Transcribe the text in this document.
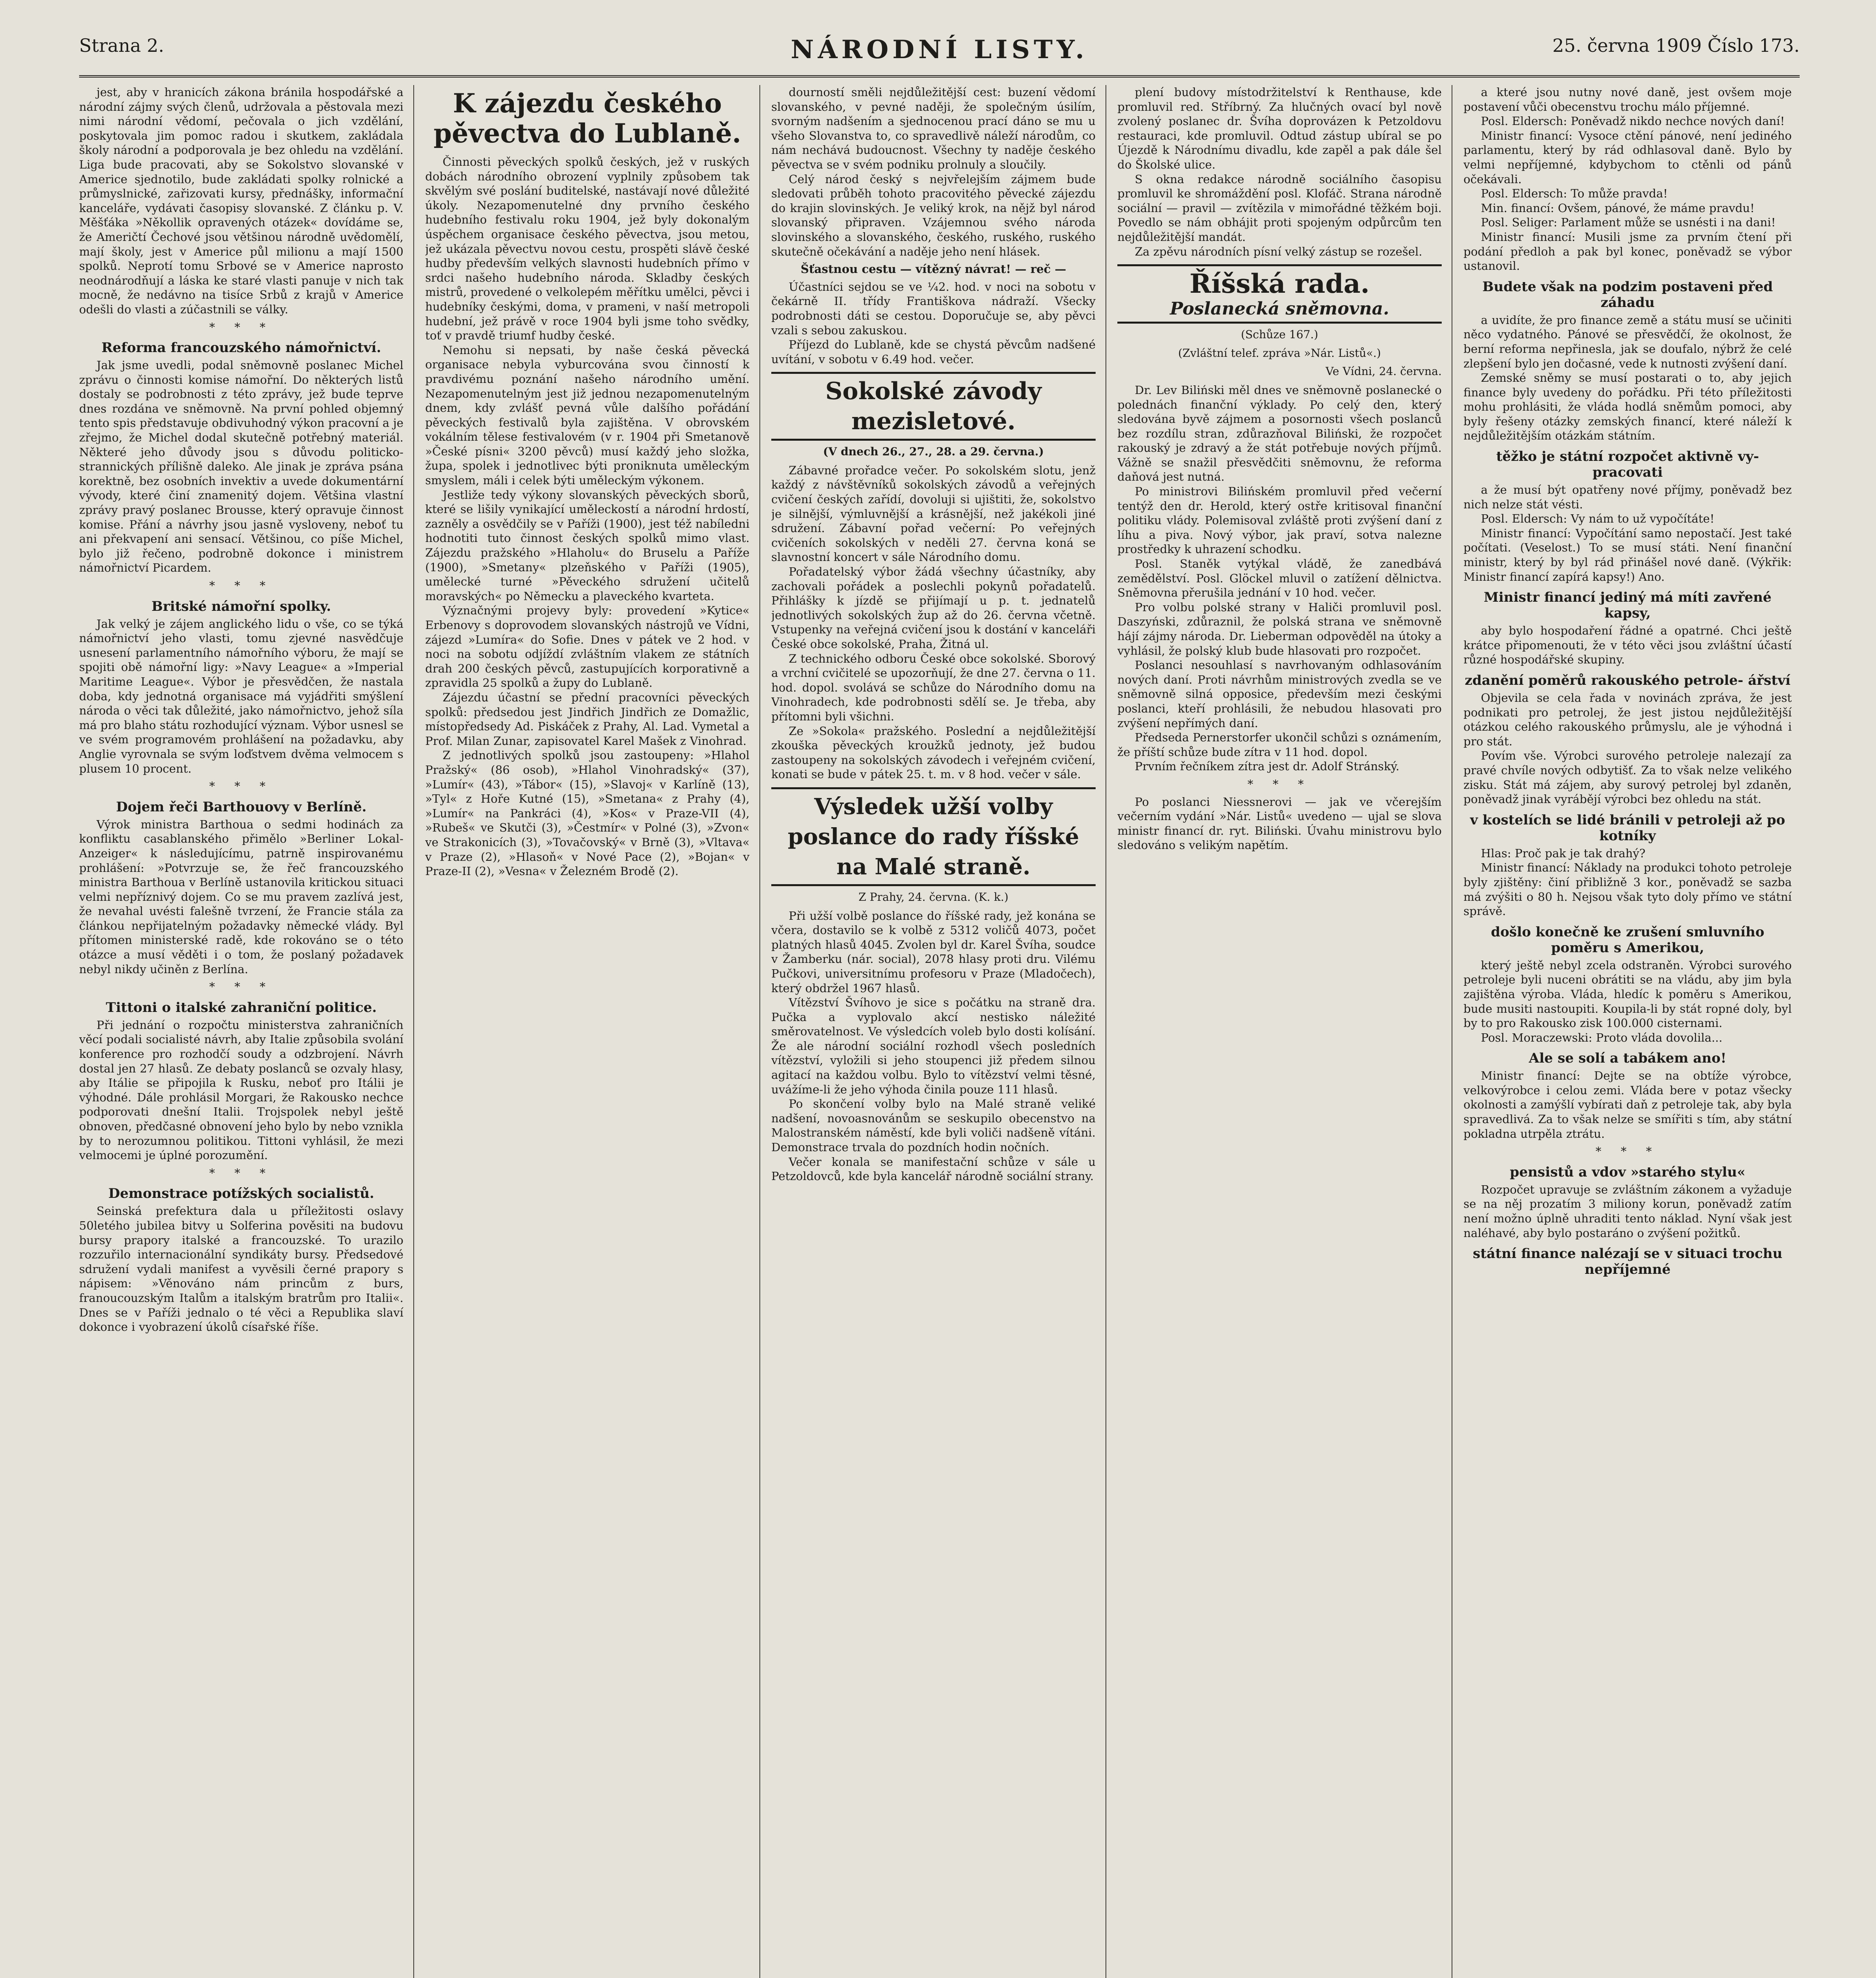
Strana 2.	NÁRODNÍ LISTY.	25. června 1909 Číslo 173.

jest, aby v hranicích zákona bránila hospodářské a národní zájmy svých členů, udržovala a pěstovala mezi nimi národní vědomí, pečovala o jich vzdělání, poskytovala jim pomoc radou i skutkem, zakládala školy národní a podporovala je bez ohledu na vzdělání. Liga bude pracovati, aby se Sokolstvo slovanské v Americe sjednotilo, bude zakládati spolky rolnické a průmyslnické, zařizovati kursy, přednášky, informační kanceláře, vydávati časopisy slovanské. Z článku p. V. Měšťáka »Někollik opravených otázek« dovídáme se, že Američtí Čechové jsou většinou národně uvědomělí, mají školy, jest v Americe půl milionu a mají 1500 spolků. Neprotí tomu Srbové se v Americe naprosto neodnárodňují a láska ke staré vlasti panuje v nich tak mocně, že nedávno na tisíce Srbů z krajů v Americe odešli do vlasti a zúčastnili se války.

* * *
Reforma francouzského námořnictví.

Jak jsme uvedli, podal sněmovně poslanec Michel zprávu o činnosti komise námořní. Do některých listů dostaly se podrobnosti z této zprávy, jež bude teprve dnes rozdána ve sněmovně. Na první pohled objemný tento spis představuje obdivuhodný výkon pracovní a je zřejmo, že Michel dodal skutečně potřebný materiál. Některé jeho důvody jsou s důvodu politicko-strannických přílišně daleko. Ale jinak je zpráva psána korektně, bez osobních invektiv a uvede dokumentární vývody, které činí znamenitý dojem. Většina vlastní zprávy pravý poslanec Brousse, který opravuje činnost komise. Přání a návrhy jsou jasně vysloveny, neboť tu ani překvapení ani sensací. Většinou, co píše Michel, bylo již řečeno, podrobně dokonce i ministrem námořnictví Picardem.

* * *
Britské námořní spolky.

Jak velký je zájem anglického lidu o vše, co se týká námořnictví jeho vlasti, tomu zjevné nasvědčuje usnesení parlamentního námořního výboru, že mají se spojiti obě námořní ligy: »Navy League« a »Imperial Maritime League«. Výbor je přesvědčen, že nastala doba, kdy jednotná organisace má vyjádřiti smýšlení národa o věci tak důležité, jako námořnictvo, jehož síla má pro blaho státu rozhodující význam. Výbor usnesl se ve svém programovém prohlášení na požadavku, aby Anglie vyrovnala se svým loďstvem dvěma velmocem s plusem 10 procent.

* * *
Dojem řeči Barthouovy v Berlíně.

Výrok ministra Barthoua o sedmi hodinách za konfliktu casablanského přimělo »Berliner Lokal-Anzeiger« k následujícímu, patrně inspirovanému prohlášení: »Potvrzuje se, že řeč francouzského ministra Barthoua v Berlíně ustanovila kritickou situaci velmi nepříznivý dojem. Co se mu pravem zazlívá jest, že nevahal uvésti falešně tvrzení, že Francie stála za článkou nepřijatelným požadavky německé vlády. Byl přítomen ministerské radě, kde rokováno se o této otázce a musí věděti i o tom, že poslaný požadavek nebyl nikdy učiněn z Berlína.

* * *
Tittoni o italské zahraniční politice.

Při jednání o rozpočtu ministerstva zahraničních věcí podali socialisté návrh, aby Italie způsobila svolání konference pro rozhodčí soudy a odzbrojení. Návrh dostal jen 27 hlasů. Ze debaty poslanců se ozvaly hlasy, aby Itálie se připojila k Rusku, neboť pro Itálii je výhodné. Dále prohlásil Morgari, že Rakousko nechce podporovati dnešní Italii. Trojspolek nebyl ještě obnoven, předčasné obnovení jeho bylo by nebo vznikla by to nerozumnou politikou. Tittoni vyhlásil, že mezi velmocemi je úplné porozumění.

* * *
Demonstrace potížských socialistů.

Seinská prefektura dala u příležitosti oslavy 50letého jubilea bitvy u Solferina pověsiti na budovu bursy prapory italské a francouzské. To urazilo rozzuřilo internacionální syndikáty bursy. Předsedové sdružení vydali manifest a vyvěsili černé prapory s nápisem: »Věnováno nám princům z burs, franoucouzským Italům a italským bratrům pro Italii«. Dnes se v Paříži jednalo o té věci a Republika slaví dokonce i vyobrazení úkolů císařské říše.

K zájezdu českého pěvectva do Lublaně.

Činnosti pěveckých spolků českých, jež v ruských dobách národního obrození vyplnily způsobem tak skvělým své poslání buditelské, nastávají nové důležité úkoly. Nezapomenutelné dny prvního českého hudebního festivalu roku 1904, jež byly dokonalým úspěchem organisace českého pěvectva, jsou metou, jež ukázala pěvectvu novou cestu, prospěti slávě české hudby především velkých slavnosti hudebních přímo v srdci našeho hudebního národa. Skladby českých mistrů, provedené o velkolepém měřítku umělci, pěvci i hudebníky českými, doma, v prameni, v naší metropoli hudební, jež právě v roce 1904 byli jsme toho svědky, toť v pravdě triumf hudby české.

Nemohu si nepsati, by naše česká pěvecká organisace nebyla vyburcována svou činností k pravdivému poznání našeho národního umění. Nezapomenutelným jest již jednou nezapomenutelným dnem, kdy zvlášť pevná vůle dalšího pořádání pěveckých festivalů byla zajištěna. V obrovském vokálním tělese festivalovém (v r. 1904 při Smetanově »České písni« 3200 pěvců) musí každý jeho složka, župa, spolek i jednotlivec býti proniknuta uměleckým smyslem, máli i celek býti uměleckým výkonem.

Jestliže tedy výkony slovanských pěveckých sborů, které se lišily vynikající uměleckostí a národní hrdostí, zazněly a osvědčily se v Paříži (1900), jest též nabíledni hodnotiti tuto činnost českých spolků mimo vlast. Zájezdu pražského »Hlaholu« do Bruselu a Paříže (1900), »Smetany« plzeňského v Paříži (1905), umělecké turné »Pěveckého sdružení učitelů moravských« po Německu a plaveckého kvarteta.

Význačnými projevy byly: provedení »Kytice« Erbenovy s doprovodem slovanských nástrojů ve Vídni, zájezd »Lumíra« do Sofie. Dnes v pátek ve 2 hod. v noci na sobotu odjíždí zvláštním vlakem ze státních drah 200 českých pěvců, zastupujících korporativně a zpravidla 25 spolků a župy do Lublaně.

Zájezdu účastní se přední pracovníci pěveckých spolků: předsedou jest Jindřich Jindřich ze Domažlic, místopředsedy Ad. Piskáček z Prahy, Al. Lad. Vymetal a Prof. Milan Zunar, zapisovatel Karel Mašek z Vinohrad.

Z jednotlivých spolků jsou zastoupeny: »Hlahol Pražský« (86 osob), »Hlahol Vinohradský« (37), »Lumír« (43), »Tábor« (15), »Slavoj« v Karlíně (13), »Tyl« z Hoře Kutné (15), »Smetana« z Prahy (4), »Lumír« na Pankráci (4), »Kos« v Praze-VII (4), »Rubeš« ve Skutči (3), »Čestmír« v Polné (3), »Zvon« ve Strakonicích (3), »Tovačovský« v Brně (3), »Vltava« v Praze (2), »Hlasoň« v Nové Pace (2), »Bojan« v Praze-II (2), »Vesna« v Železném Brodě (2).

dourností směli nejdůležitější cest: buzení vědomí slovanského, v pevné naději, že společným úsilím, svorným nadšením a sjednocenou prací dáno se mu u všeho Slovanstva to, co spravedlivě náleží národům, co nám nechává budoucnost. Všechny ty naděje českého pěvectva se v svém podniku prolnuly a sloučily.

Celý národ český s nejvřelejším zájmem bude sledovati průběh tohoto pracovitého pěvecké zájezdu do krajin slovinských. Je veliký krok, na nějž byl národ slovanský připraven. Vzájemnou svého národa slovinského a slovanského, českého, ruského, ruského skutečně očekávání a naděje jeho není hlásek.

Šťastnou cestu — vítězný návrat! — reč —

Účastníci sejdou se ve ¼2. hod. v noci na sobotu v čekárně II. třídy Františkova nádraží. Všecky podrobnosti dáti se cestou. Doporučuje se, aby pěvci vzali s sebou zakuskou.

Příjezd do Lublaně, kde se chystá pěvcům nadšené uvítání, v sobotu v 6.49 hod. večer.

Sokolské závody mezisletové.
(V dnech 26., 27., 28. a 29. června.)

Zábavné prořadce večer. Po sokolském slotu, jenž každý z návštěvníků sokolských závodů a veřejných cvičení českých zařídí, dovoluji si ujištiti, že, sokolstvo je silnější, výmluvnější a krásnější, než jakékoli jiné sdružení. Zábavní pořad večerní: Po veřejných cvičeních sokolských v neděli 27. června koná se slavnostní koncert v sále Národního domu.

Pořadatelský výbor žádá všechny účastníky, aby zachovali pořádek a poslechli pokynů pořadatelů. Přihlášky k jízdě se přijímají u p. t. jednatelů jednotlivých sokolských žup až do 26. června včetně. Vstupenky na veřejná cvičení jsou k dostání v kanceláři České obce sokolské, Praha, Žitná ul.

Z technického odboru České obce sokolské. Sborový a vrchní cvičitelé se upozorňují, že dne 27. června o 11. hod. dopol. svolává se schůze do Národního domu na Vinohradech, kde podrobnosti sdělí se. Je třeba, aby přítomni byli všichni.

Ze »Sokola« pražského. Poslední a nejdůležitější zkouška pěveckých kroužků jednoty, jež budou zastoupeny na sokolských závodech i veřejném cvičení, konati se bude v pátek 25. t. m. v 8 hod. večer v sále.

Výsledek užší volby poslance do rady říšské na Malé straně.
Z Prahy, 24. června. (K. k.)

Při užší volbě poslance do říšské rady, jež konána se včera, dostavilo se k volbě z 5312 voličů 4073, počet platných hlasů 4045. Zvolen byl dr. Karel Švíha, soudce v Žamberku (nár. social), 2078 hlasy proti dru. Vilému Pučkovi, universitnímu profesoru v Praze (Mladočech), který obdržel 1967 hlasů.

Vítězství Švíhovo je sice s počátku na straně dra. Pučka a vyplovalo akcí nestisko náležité směrovatelnost. Ve výsledcích voleb bylo dosti kolísání. Že ale národní sociální rozhodl všech posledních vítězství, vyložili si jeho stoupenci již předem silnou agitací na každou volbu. Bylo to vítězství velmi těsné, uvážíme-li že jeho výhoda činila pouze 111 hlasů.

Po skončení volby bylo na Malé straně veliké nadšení, novoasnovánům se seskupilo obecenstvo na Malostranském náměstí, kde byli voliči nadšeně vítáni. Demonstrace trvala do pozdních hodin nočních.

Večer konala se manifestační schůze v sále u Petzoldovců, kde byla kancelář národně sociální strany.

plení budovy místodržitelství k Renthause, kde promluvil red. Stříbrný. Za hlučných ovací byl nově zvolený poslanec dr. Švíha doprovázen k Petzoldovu restauraci, kde promluvil. Odtud zástup ubíral se po Újezdě k Národnímu divadlu, kde zapěl a pak dále šel do Školské ulice.

S okna redakce národně sociálního časopisu promluvil ke shromáždění posl. Klofáč. Strana národně sociální — pravil — zvítězila v mimořádné těžkém boji. Povedlo se nám obhájit proti spojeným odpůrcům ten nejdůležitější mandát.

Za zpěvu národních písní velký zástup se rozešel.

Říšská rada.
Poslanecká sněmovna.
(Schůze 167.)
(Zvláštní telef. zpráva »Nár. Listů«.)
Ve Vídni, 24. června.

Dr. Lev Biliński měl dnes ve sněmovně poslanecké o polednách finanční výklady. Po celý den, který sledována byvě zájmem a posornosti všech poslanců bez rozdílu stran, zdůrazňoval Biliński, že rozpočet rakouský je zdravý a že stát potřebuje nových příjmů. Vážně se snažil přesvědčiti sněmovnu, že reforma daňová jest nutná.

Po ministrovi Bilińském promluvil před večerní tentýž den dr. Herold, který ostře kritisoval finanční politiku vlády. Polemisoval zvláště proti zvýšení daní z líhu a piva. Nový výbor, jak praví, sotva nalezne prostředky k uhrazení schodku.

Posl. Staněk vytýkal vládě, že zanedbává zemědělství. Posl. Glöckel mluvil o zatížení dělnictva. Sněmovna přerušila jednání v 10 hod. večer.

Pro volbu polské strany v Haliči promluvil posl. Daszyński, zdůraznil, že polská strana ve sněmovně hájí zájmy národa. Dr. Lieberman odpověděl na útoky a vyhlásil, že polský klub bude hlasovati pro rozpočet.

Poslanci nesouhlasí s navrhovaným odhlasováním nových daní. Proti návrhům ministrových zvedla se ve sněmovně silná opposice, především mezi českými poslanci, kteří prohlásili, že nebudou hlasovati pro zvýšení nepřímých daní.

Předseda Pernerstorfer ukončil schůzi s oznámením, že příští schůze bude zítra v 11 hod. dopol.

Prvním řečníkem zítra jest dr. Adolf Stránský.

* * *

Po poslanci Niessnerovi — jak ve včerejším večerním vydání »Nár. Listů« uvedeno — ujal se slova ministr financí dr. ryt. Biliński. Úvahu ministrovu bylo sledováno s velikým napětím.

a které jsou nutny nové daně, jest ovšem moje postavení vůči obecenstvu trochu málo příjemné.

Posl. Eldersch: Poněvadž nikdo nechce nových daní!

Ministr financí: Vysoce ctění pánové, není jediného parlamentu, který by rád odhlasoval daně. Bylo by velmi nepříjemné, kdybychom to ctěnli od pánů očekávali.

Posl. Eldersch: To může pravda!

Min. financí: Ovšem, pánové, že máme pravdu!

Posl. Seliger: Parlament může se usnésti i na dani!

Ministr financí: Musili jsme za prvním čtení při podání předloh a pak byl konec, poněvadž se výbor ustanovil.

Budete však na podzim postaveni před záhadu

a uvidíte, že pro finance země a státu musí se učiniti něco vydatného. Pánové se přesvědčí, že okolnost, že berní reforma nepřinesla, jak se doufalo, nýbrž že celé zlepšení bylo jen dočasné, vede k nutnosti zvýšení daní.

Zemské sněmy se musí postarati o to, aby jejich finance byly uvedeny do pořádku. Při této příležitosti mohu prohlásiti, že vláda hodlá sněmům pomoci, aby byly řešeny otázky zemských financí, které náleží k nejdůležitějším otázkám státním.

těžko je státní rozpočet aktivně vy- pracovati

a že musí být opatřeny nové příjmy, poněvadž bez nich nelze stát vésti.

Posl. Eldersch: Vy nám to už vypočítáte!

Ministr financí: Vypočítání samo nepostačí. Jest také počítati. (Veselost.) To se musí státi. Není finanční ministr, který by byl rád přinášel nové daně. (Výkřik: Ministr financí zapírá kapsy!) Ano.

Ministr financí jediný má míti zavřené kapsy,

aby bylo hospodaření řádné a opatrné. Chci ještě krátce připomenouti, že v této věci jsou zvláštní účastí různé hospodářské skupiny.

zdanění poměrů rakouského petrole- ářství

Objevila se cela řada v novinách zpráva, že jest podnikati pro petrolej, že jest jistou nejdůležitější otázkou celého rakouského průmyslu, ale je výhodná i pro stát.

Povím vše. Výrobci surového petroleje nalezají za pravé chvíle nových odbytišť. Za to však nelze velikého zisku. Stát má zájem, aby surový petrolej byl zdaněn, poněvadž jinak vyrábějí výrobci bez ohledu na stát.

v kostelích se lidé bránili v petroleji až po kotníky

Hlas: Proč pak je tak drahý?

Ministr financí: Náklady na produkci tohoto petroleje byly zjištěny: činí přibližně 3 kor., poněvadž se sazba má zvýšiti o 80 h. Nejsou však tyto doly přímo ve státní správě.

došlo konečně ke zrušení smluvního poměru s Amerikou,

který ještě nebyl zcela odstraněn. Výrobci surového petroleje byli nuceni obrátiti se na vládu, aby jim byla zajištěna výroba. Vláda, hledíc k poměru s Amerikou, bude musiti nastoupiti. Koupila-li by stát ropné doly, byl by to pro Rakousko zisk 100.000 cisternami.

Posl. Moraczewski: Proto vláda dovolila...

Ale se solí a tabákem ano!

Ministr financí: Dejte se na obtíže výrobce, velkovýrobce i celou zemi. Vláda bere v potaz všecky okolnosti a zamýšlí vybírati daň z petroleje tak, aby byla spravedlivá. Za to však nelze se smířiti s tím, aby státní pokladna utrpěla ztrátu.

* * *
pensistů a vdov »starého stylu«

Rozpočet upravuje se zvláštním zákonem a vyžaduje se na něj prozatím 3 miliony korun, poněvadž zatím není možno úplně uhraditi tento náklad. Nyní však jest naléhavé, aby bylo postaráno o zvýšení požitků.

státní finance nalézají se v situaci trochu nepříjemné
